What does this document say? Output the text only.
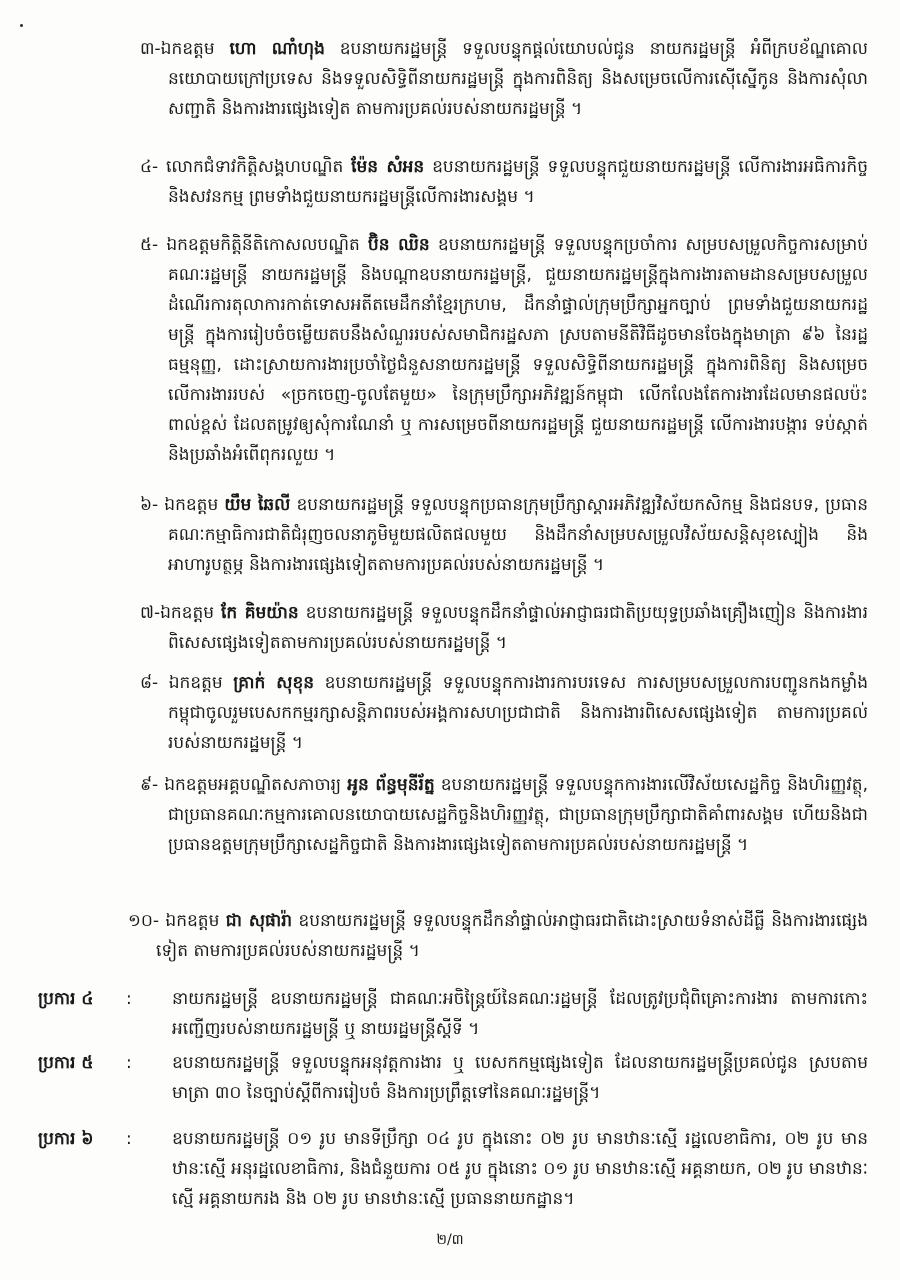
៣-ឯកឧត្តម ហោ ណាំហុង ឧបនាយករដ្ឋមន្ត្រី ទទួលបន្ទុកផ្តល់យោបល់ជូន នាយករដ្ឋមន្ត្រី អំពីក្របខ័ណ្ឌគោលនយោបាយក្រៅប្រទេស និងទទួលសិទ្ធិពីនាយករដ្ឋមន្ត្រី ក្នុងការពិនិត្យ និងសម្រេចលើការស៊ើស្នើកូន និងការសុំលាសញ្ជាតិ និងការងារផ្សេងទៀត តាមការប្រគល់របស់នាយករដ្ឋមន្ត្រី ។
៤- លោកជំទាវកិត្តិសង្គហបណ្ឌិត ម៉ែន សំអន ឧបនាយករដ្ឋមន្ត្រី ទទួលបន្ទុកជួយនាយករដ្ឋមន្ត្រី លើការងារអធិការកិច្ច និងសវនកម្ម ព្រមទាំងជួយនាយករដ្ឋមន្ត្រីលើការងារសង្គម ។
៥- ឯកឧត្តមកិត្តិនីតិកោសលបណ្ឌិត ប៊ិន ឈិន ឧបនាយករដ្ឋមន្ត្រី ទទួលបន្ទុកប្រចាំការ សម្របសម្រួលកិច្ចការសម្រាប់គណៈរដ្ឋមន្ត្រី នាយករដ្ឋមន្ត្រី និងបណ្តាឧបនាយករដ្ឋមន្ត្រី, ជួយនាយករដ្ឋមន្ត្រីក្នុងការងារតាមដានសម្របសម្រួលដំណើរការតុលាការកាត់ទោសអតីតមេដឹកនាំខ្មែរក្រហម, ដឹកនាំផ្ទាល់ក្រុមប្រឹក្សាអ្នកច្បាប់ ព្រមទាំងជួយនាយករដ្ឋមន្ត្រី ក្នុងការរៀបចំចម្លើយតបនឹងសំណួររបស់សមាជិករដ្ឋសភា ស្របតាមនីតិវិធីដូចមានចែងក្នុងមាត្រា ៩៦ នៃរដ្ឋធម្មនុញ្ញ, ដោះស្រាយការងារប្រចាំថ្ងៃជំនួសនាយករដ្ឋមន្ត្រី ទទួលសិទ្ធិពីនាយករដ្ឋមន្ត្រី ក្នុងការពិនិត្យ និងសម្រេចលើការងាររបស់ «ច្រកចេញ-ចូលតែមួយ» នៃក្រុមប្រឹក្សាអភិវឌ្ឍន៍កម្ពុជា លើកលែងតែការងារដែលមានផលប៉ះពាល់ខ្ពស់ ដែលតម្រូវឲ្យសុំការណែនាំ ឬ ការសម្រេចពីនាយករដ្ឋមន្ត្រី ជួយនាយករដ្ឋមន្ត្រី លើការងារបង្ការ ទប់ស្កាត់ និងប្រឆាំងអំពើពុករលួយ ។
៦- ឯកឧត្តម យឹម ឆៃលី ឧបនាយករដ្ឋមន្ត្រី ទទួលបន្ទុកប្រធានក្រុមប្រឹក្សាស្តារអភិវឌ្ឍវិស័យកសិកម្ម និងជនបទ, ប្រធានគណៈកម្មាធិការជាតិជំរុញចលនាភូមិមួយផលិតផលមួយ និងដឹកនាំសម្របសម្រួលវិស័យសន្តិសុខស្បៀង និងអាហារូបត្ថម្ភ និងការងារផ្សេងទៀតតាមការប្រគល់របស់នាយករដ្ឋមន្ត្រី ។
៧-ឯកឧត្តម កែ គិមយ៉ាន ឧបនាយករដ្ឋមន្ត្រី ទទួលបន្ទុកដឹកនាំផ្ទាល់អាជ្ញាធរជាតិប្រយុទ្ធប្រឆាំងគ្រឿងញៀន និងការងារពិសេសផ្សេងទៀតតាមការប្រគល់របស់នាយករដ្ឋមន្ត្រី ។
៨- ឯកឧត្តម គ្រាក់ សុខុន ឧបនាយករដ្ឋមន្ត្រី ទទួលបន្ទុកការងារការបរទេស ការសម្របសម្រួលការបញ្ជូនកងកម្លាំងកម្ពុជាចូលរួមបេសកកម្មរក្សាសន្តិភាពរបស់អង្គការសហប្រជាជាតិ និងការងារពិសេសផ្សេងទៀត តាមការប្រគល់របស់នាយករដ្ឋមន្ត្រី ។
៩- ឯកឧត្តមអគ្គបណ្ឌិតសភាចារ្យ អូន ព័ន្ធមុនីរ័ត្ន ឧបនាយករដ្ឋមន្ត្រី ទទួលបន្ទុកការងារលើវិស័យសេដ្ឋកិច្ច និងហិរញ្ញវត្ថុ, ជាប្រធានគណៈកម្មការគោលនយោបាយសេដ្ឋកិច្ចនិងហិរញ្ញវត្ថុ, ជាប្រធានក្រុមប្រឹក្សាជាតិគាំពារសង្គម ហើយនិងជាប្រធានឧត្តមក្រុមប្រឹក្សាសេដ្ឋកិច្ចជាតិ និងការងារផ្សេងទៀតតាមការប្រគល់របស់នាយករដ្ឋមន្ត្រី ។
១០- ឯកឧត្តម ជា សុផារ៉ា ឧបនាយករដ្ឋមន្ត្រី ទទួលបន្ទុកដឹកនាំផ្ទាល់អាជ្ញាធរជាតិដោះស្រាយទំនាស់ដីធ្លី និងការងារផ្សេងទៀត តាមការប្រគល់របស់នាយករដ្ឋមន្ត្រី ។
ប្រការ ៤	:	នាយករដ្ឋមន្ត្រី ឧបនាយករដ្ឋមន្ត្រី ជាគណៈអចិន្ត្រៃយ៍នៃគណៈរដ្ឋមន្ត្រី ដែលត្រូវប្រជុំពិគ្រោះការងារ តាមការកោះអញ្ជើញរបស់នាយករដ្ឋមន្ត្រី ឬ នាយរដ្ឋមន្ត្រីស្តីទី ។
ប្រការ ៥	:	ឧបនាយករដ្ឋមន្ត្រី ទទួលបន្ទុកអនុវត្តការងារ ឬ បេសកកម្មផ្សេងទៀត ដែលនាយករដ្ឋមន្ត្រីប្រគល់ជូន ស្របតាមមាត្រា ៣០ នៃច្បាប់ស្តីពីការរៀបចំ និងការប្រព្រឹត្តទៅនៃគណៈរដ្ឋមន្ត្រី។
ប្រការ ៦	:	ឧបនាយករដ្ឋមន្ត្រី ០១ រូប មានទីប្រឹក្សា ០៤ រូប ក្នុងនោះ ០២ រូប មានឋានៈស្មើ រដ្ឋលេខាធិការ, ០២ រូប មានឋានៈស្មើ អនុរដ្ឋលេខាធិការ, និងជំនួយការ ០៥ រូប ក្នុងនោះ ០១ រូប មានឋានៈស្មើ អគ្គនាយក, ០២ រូប មានឋានៈស្មើ អគ្គនាយករង និង ០២ រូប មានឋានៈស្មើ ប្រធាននាយកដ្ឋាន។
២/៣
